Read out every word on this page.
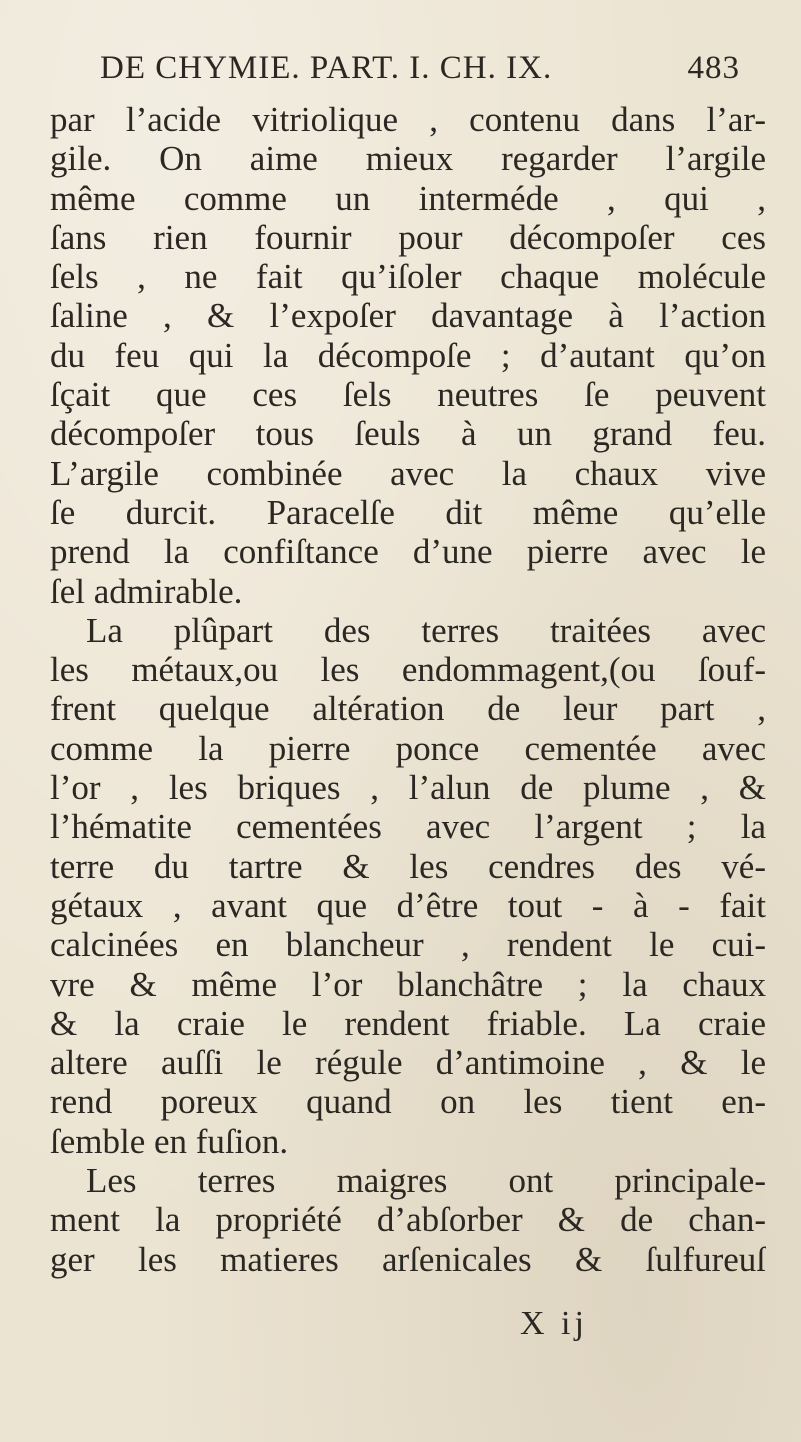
DE CHYMIE. PART. I. CH. IX.	483
par l’acide vitriolique , contenu dans l’ar-
gile. On aime mieux regarder l’argile
même comme un interméde , qui ,
ſans rien fournir pour décompoſer ces
ſels , ne fait qu’iſoler chaque molécule
ſaline , & l’expoſer davantage à l’action
du feu qui la décompoſe ; d’autant qu’on
ſçait que ces ſels neutres ſe peuvent
décompoſer tous ſeuls à un grand feu.
L’argile combinée avec la chaux vive
ſe durcit. Paracelſe dit même qu’elle
prend la confiſtance d’une pierre avec le
ſel admirable.
La plûpart des terres traitées avec
les métaux,ou les endommagent,(ou ſouf-
frent quelque altération de leur part ,
comme la pierre ponce cementée avec
l’or , les briques , l’alun de plume , &
l’hématite cementées avec l’argent ; la
terre du tartre & les cendres des vé-
gétaux , avant que d’être tout - à - fait
calcinées en blancheur , rendent le cui-
vre & même l’or blanchâtre ; la chaux
& la craie le rendent friable. La craie
altere auſſi le régule d’antimoine , & le
rend poreux quand on les tient en-
ſemble en fuſion.
Les terres maigres ont principale-
ment la propriété d’abſorber & de chan-
ger les matieres arſenicales & ſulfureuſ
X ij
